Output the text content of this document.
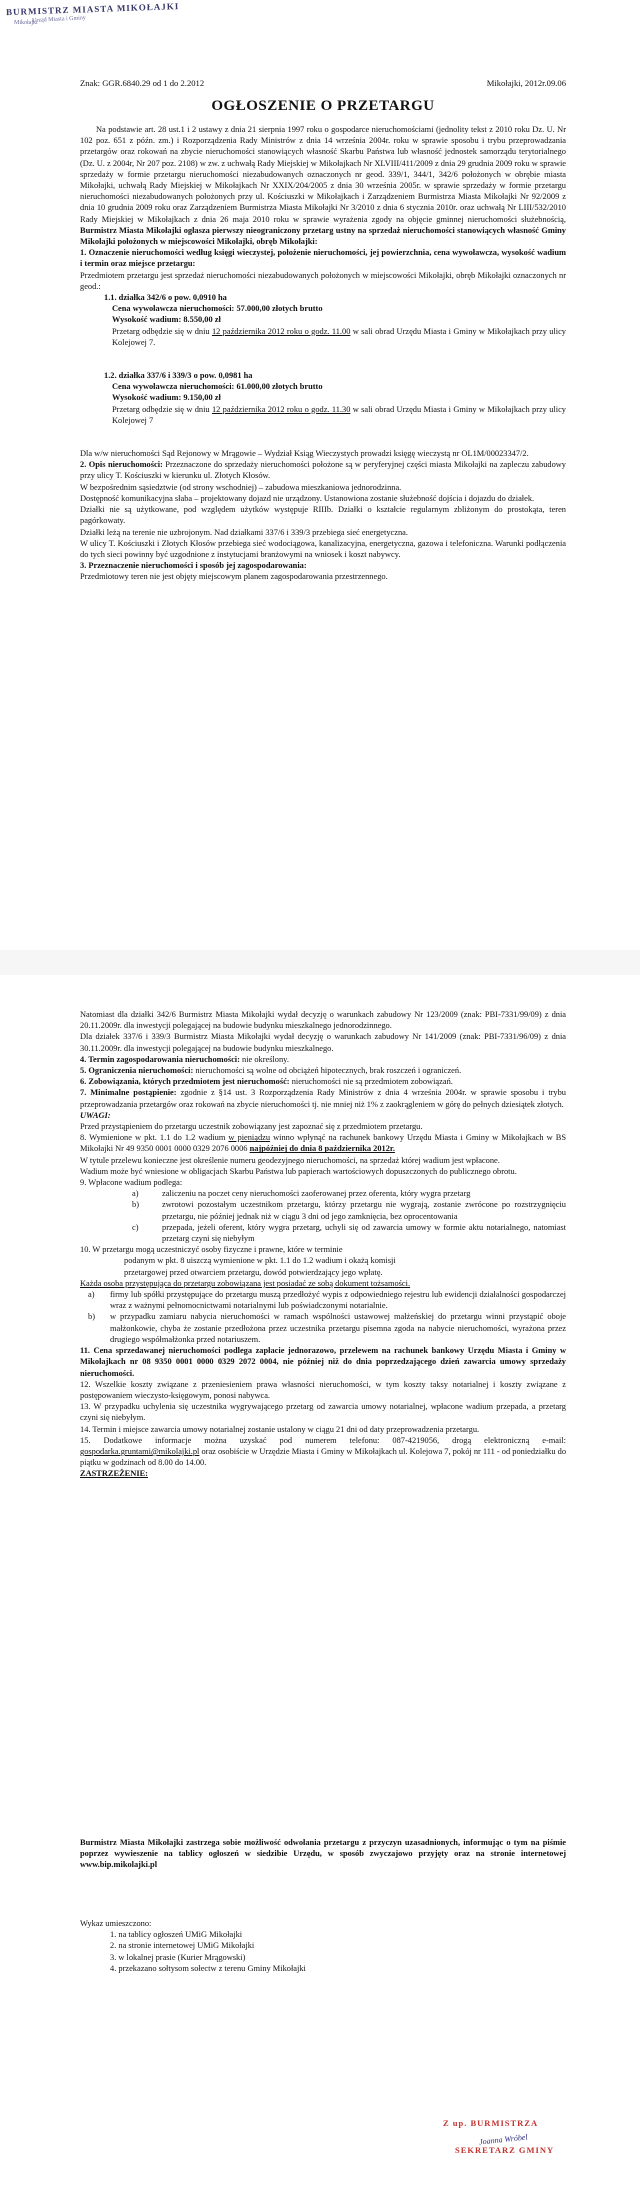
BURMISTRZ MIASTA MIKOŁAJKI
Urząd Miasta i Gminy
Mikołajki
Znak: GGR.6840.29 od 1 do 2.2012	Mikołajki, 2012r.09.06
OGŁOSZENIE O PRZETARGU

Na podstawie art. 28 ust.1 i 2 ustawy z dnia 21 sierpnia 1997 roku o gospodarce nieruchomościami (jednolity tekst z 2010 roku Dz. U. Nr 102 poz. 651 z późn. zm.) i Rozporządzenia Rady Ministrów z dnia 14 września 2004r. roku w sprawie sposobu i trybu przeprowadzania przetargów oraz rokowań na zbycie nieruchomości stanowiących własność Skarbu Państwa lub własność jednostek samorządu terytorialnego (Dz. U. z 2004r, Nr 207 poz. 2108) w zw. z uchwałą Rady Miejskiej w Mikołajkach Nr XLVIII/411/2009 z dnia 29 grudnia 2009 roku w sprawie sprzedaży w formie przetargu nieruchomości niezabudowanych oznaczonych nr geod. 339/1, 344/1, 342/6 położonych w obrębie miasta Mikołajki, uchwałą Rady Miejskiej w Mikołajkach Nr XXIX/204/2005 z dnia 30 września 2005r. w sprawie sprzedaży w formie przetargu nieruchomości niezabudowanych położonych przy ul. Kościuszki w Mikołajkach i Zarządzeniem Burmistrza Miasta Mikołajki Nr 92/2009 z dnia 10 grudnia 2009 roku oraz Zarządzeniem Burmistrza Miasta Mikołajki Nr 3/2010 z dnia 6 stycznia 2010r. oraz uchwałą Nr LIII/532/2010 Rady Miejskiej w Mikołajkach z dnia 26 maja 2010 roku w sprawie wyrażenia zgody na objęcie gminnej nieruchomości służebnością, Burmistrz Miasta Mikołajki ogłasza pierwszy nieograniczony przetarg ustny na sprzedaż nieruchomości stanowiących własność Gminy Mikołajki położonych w miejscowości Mikołajki, obręb Mikołajki:

1. Oznaczenie nieruchomości według księgi wieczystej, położenie nieruchomości, jej powierzchnia, cena wywoławcza, wysokość wadium i termin oraz miejsce przetargu:

Przedmiotem przetargu jest sprzedaż nieruchomości niezabudowanych położonych w miejscowości Mikołajki, obręb Mikołajki oznaczonych nr geod.:

1.1. działka 342/6 o pow. 0,0910 ha

Cena wywoławcza nieruchomości: 57.000,00 złotych brutto

Wysokość wadium: 8.550,00 zł

Przetarg odbędzie się w dniu 12 października 2012 roku o godz. 11.00 w sali obrad Urzędu Miasta i Gminy w Mikołajkach przy ulicy Kolejowej 7.

1.2. działka 337/6 i 339/3 o pow. 0,0981 ha

Cena wywoławcza nieruchomości: 61.000,00 złotych brutto

Wysokość wadium: 9.150,00 zł

Przetarg odbędzie się w dniu 12 października 2012 roku o godz. 11.30 w sali obrad Urzędu Miasta i Gminy w Mikołajkach przy ulicy Kolejowej 7

Dla w/w nieruchomości Sąd Rejonowy w Mrągowie – Wydział Ksiąg Wieczystych prowadzi księgę wieczystą nr OL1M/00023347/2.

2. Opis nieruchomości: Przeznaczone do sprzedaży nieruchomości położone są w peryferyjnej części miasta Mikołajki na zapleczu zabudowy przy ulicy T. Kościuszki w kierunku ul. Złotych Kłosów.

W bezpośrednim sąsiedztwie (od strony wschodniej) – zabudowa mieszkaniowa jednorodzinna.

Dostępność komunikacyjna słaba – projektowany dojazd nie urządzony. Ustanowiona zostanie służebność dojścia i dojazdu do działek.

Działki nie są użytkowane, pod względem użytków występuje RIIIb. Działki o kształcie regularnym zbliżonym do prostokąta, teren pagórkowaty.

Działki leżą na terenie nie uzbrojonym. Nad działkami 337/6 i 339/3 przebiega sieć energetyczna.

W ulicy T. Kościuszki i Złotych Kłosów przebiega sieć wodociągowa, kanalizacyjna, energetyczna, gazowa i telefoniczna. Warunki podłączenia do tych sieci powinny być uzgodnione z instytucjami branżowymi na wniosek i koszt nabywcy.

3. Przeznaczenie nieruchomości i sposób jej zagospodarowania:

Przedmiotowy teren nie jest objęty miejscowym planem zagospodarowania przestrzennego.

Natomiast dla działki 342/6 Burmistrz Miasta Mikołajki wydał decyzję o warunkach zabudowy Nr 123/2009 (znak: PBI-7331/99/09) z dnia 20.11.2009r. dla inwestycji polegającej na budowie budynku mieszkalnego jednorodzinnego.

Dla działek 337/6 i 339/3 Burmistrz Miasta Mikołajki wydał decyzję o warunkach zabudowy Nr 141/2009 (znak: PBI-7331/96/09) z dnia 30.11.2009r. dla inwestycji polegającej na budowie budynku mieszkalnego.

4. Termin zagospodarowania nieruchomości: nie określony.

5. Ograniczenia nieruchomości: nieruchomości są wolne od obciążeń hipotecznych, brak roszczeń i ograniczeń.

6. Zobowiązania, których przedmiotem jest nieruchomość: nieruchomości nie są przedmiotem zobowiązań.

7. Minimalne postąpienie: zgodnie z §14 ust. 3 Rozporządzenia Rady Ministrów z dnia 4 września 2004r. w sprawie sposobu i trybu przeprowadzania przetargów oraz rokowań na zbycie nieruchomości tj. nie mniej niż 1% z zaokrągleniem w górę do pełnych dziesiątek złotych.

UWAGI:

Przed przystąpieniem do przetargu uczestnik zobowiązany jest zapoznać się z przedmiotem przetargu.

8. Wymienione w pkt. 1.1 do 1.2 wadium w pieniądzu winno wpłynąć na rachunek bankowy Urzędu Miasta i Gminy w Mikołajkach w BS Mikołajki Nr 49 9350 0001 0000 0329 2076 0006 najpóźniej do dnia 8 października 2012r.

W tytule przelewu konieczne jest określenie numeru geodezyjnego nieruchomości, na sprzedaż której wadium jest wpłacone.

Wadium może być wniesione w obligacjach Skarbu Państwa lub papierach wartościowych dopuszczonych do publicznego obrotu.

9. Wpłacone wadium podlega:

a)	zaliczeniu na poczet ceny nieruchomości zaoferowanej przez oferenta, który wygra przetarg

b)	zwrotowi pozostałym uczestnikom przetargu, którzy przetargu nie wygrają, zostanie zwrócone po rozstrzygnięciu przetargu, nie później jednak niż w ciągu 3 dni od jego zamknięcia, bez oprocentowania

c)	przepada, jeżeli oferent, który wygra przetarg, uchyli się od zawarcia umowy w formie aktu notarialnego, natomiast przetarg czyni się niebyłym

10. W przetargu mogą uczestniczyć osoby fizyczne i prawne, które w terminie

podanym w pkt. 8 uiszczą wymienione w pkt. 1.1 do 1.2 wadium i okażą komisji

przetargowej przed otwarciem przetargu, dowód potwierdzający jego wpłatę.

Każda osoba przystępująca do przetargu zobowiązana jest posiadać ze sobą dokument tożsamości.

a)	firmy lub spółki przystępujące do przetargu muszą przedłożyć wypis z odpowiedniego rejestru lub ewidencji działalności gospodarczej wraz z ważnymi pełnomocnictwami notarialnymi lub poświadczonymi notarialnie.

b)	w przypadku zamiaru nabycia nieruchomości w ramach wspólności ustawowej małżeńskiej do przetargu winni przystąpić oboje małżonkowie, chyba że zostanie przedłożona przez uczestnika przetargu pisemna zgoda na nabycie nieruchomości, wyrażona przez drugiego współmałżonka przed notariuszem.

11. Cena sprzedawanej nieruchomości podlega zapłacie jednorazowo, przelewem na rachunek bankowy Urzędu Miasta i Gminy w Mikołajkach nr 08 9350 0001 0000 0329 2072 0004, nie później niż do dnia poprzedzającego dzień zawarcia umowy sprzedaży nieruchomości.

12. Wszelkie koszty związane z przeniesieniem prawa własności nieruchomości, w tym koszty taksy notarialnej i koszty związane z postępowaniem wieczysto-księgowym, ponosi nabywca.

13. W przypadku uchylenia się uczestnika wygrywającego przetarg od zawarcia umowy notarialnej, wpłacone wadium przepada, a przetarg czyni się niebyłym.

14. Termin i miejsce zawarcia umowy notarialnej zostanie ustalony w ciągu 21 dni od daty przeprowadzenia przetargu.

15. Dodatkowe informacje można uzyskać pod numerem telefonu: 087-4219056, drogą elektroniczną e-mail: gospodarka.gruntami@mikolajki.pl oraz osobiście w Urzędzie Miasta i Gminy w Mikołajkach ul. Kolejowa 7, pokój nr 111 - od poniedziałku do piątku w godzinach od 8.00 do 14.00.

ZASTRZEŻENIE:

Burmistrz Miasta Mikołajki zastrzega sobie możliwość odwołania przetargu z przyczyn uzasadnionych, informując o tym na piśmie poprzez wywieszenie na tablicy ogłoszeń w siedzibie Urzędu, w sposób zwyczajowo przyjęty oraz na stronie internetowej www.bip.mikolajki.pl

Wykaz umieszczono:

1. na tablicy ogłoszeń UMiG Mikołajki
2. na stronie internetowej UMiG Mikołajki
3. w lokalnej prasie (Kurier Mrągowski)
4. przekazano sołtysom sołectw z terenu Gminy Mikołajki
Z up. BURMISTRZA
Joanna Wróbel
SEKRETARZ GMINY
